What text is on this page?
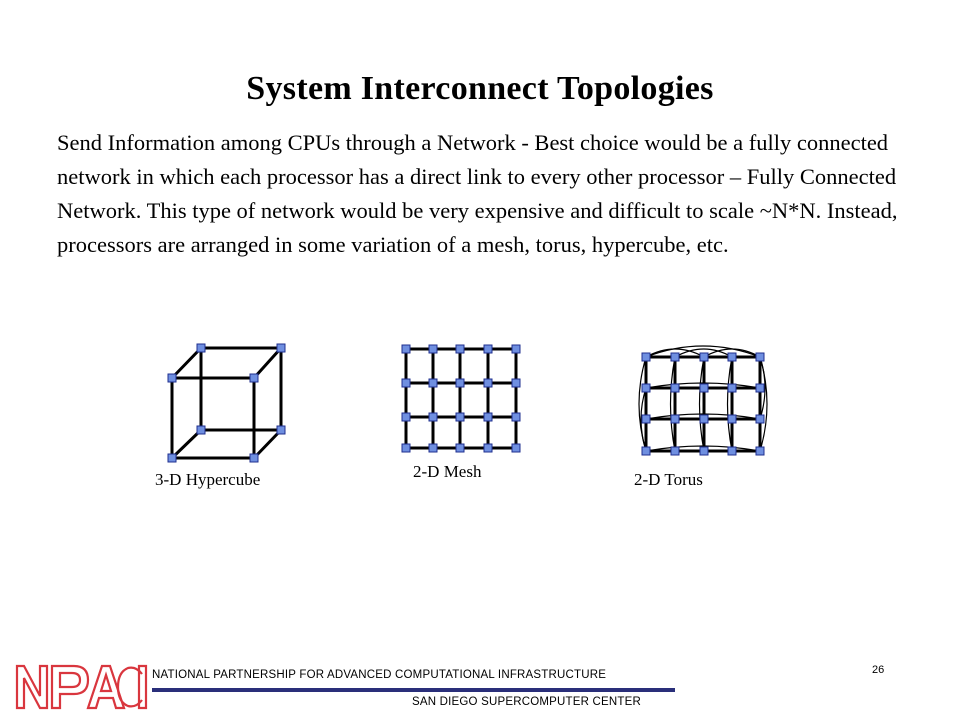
System Interconnect Topologies
Send Information among CPUs through a Network - Best choice would be a fully connected network in which each processor has a direct link to every other processor – Fully Connected Network. This type of network would be very expensive and difficult to scale ~N*N. Instead, processors are arranged in some variation of a mesh, torus, hypercube, etc.
3-D Hypercube	2-D Mesh	2-D Torus
NATIONAL PARTNERSHIP FOR ADVANCED COMPUTATIONAL INFRASTRUCTURE
SAN DIEGO SUPERCOMPUTER CENTER
26
